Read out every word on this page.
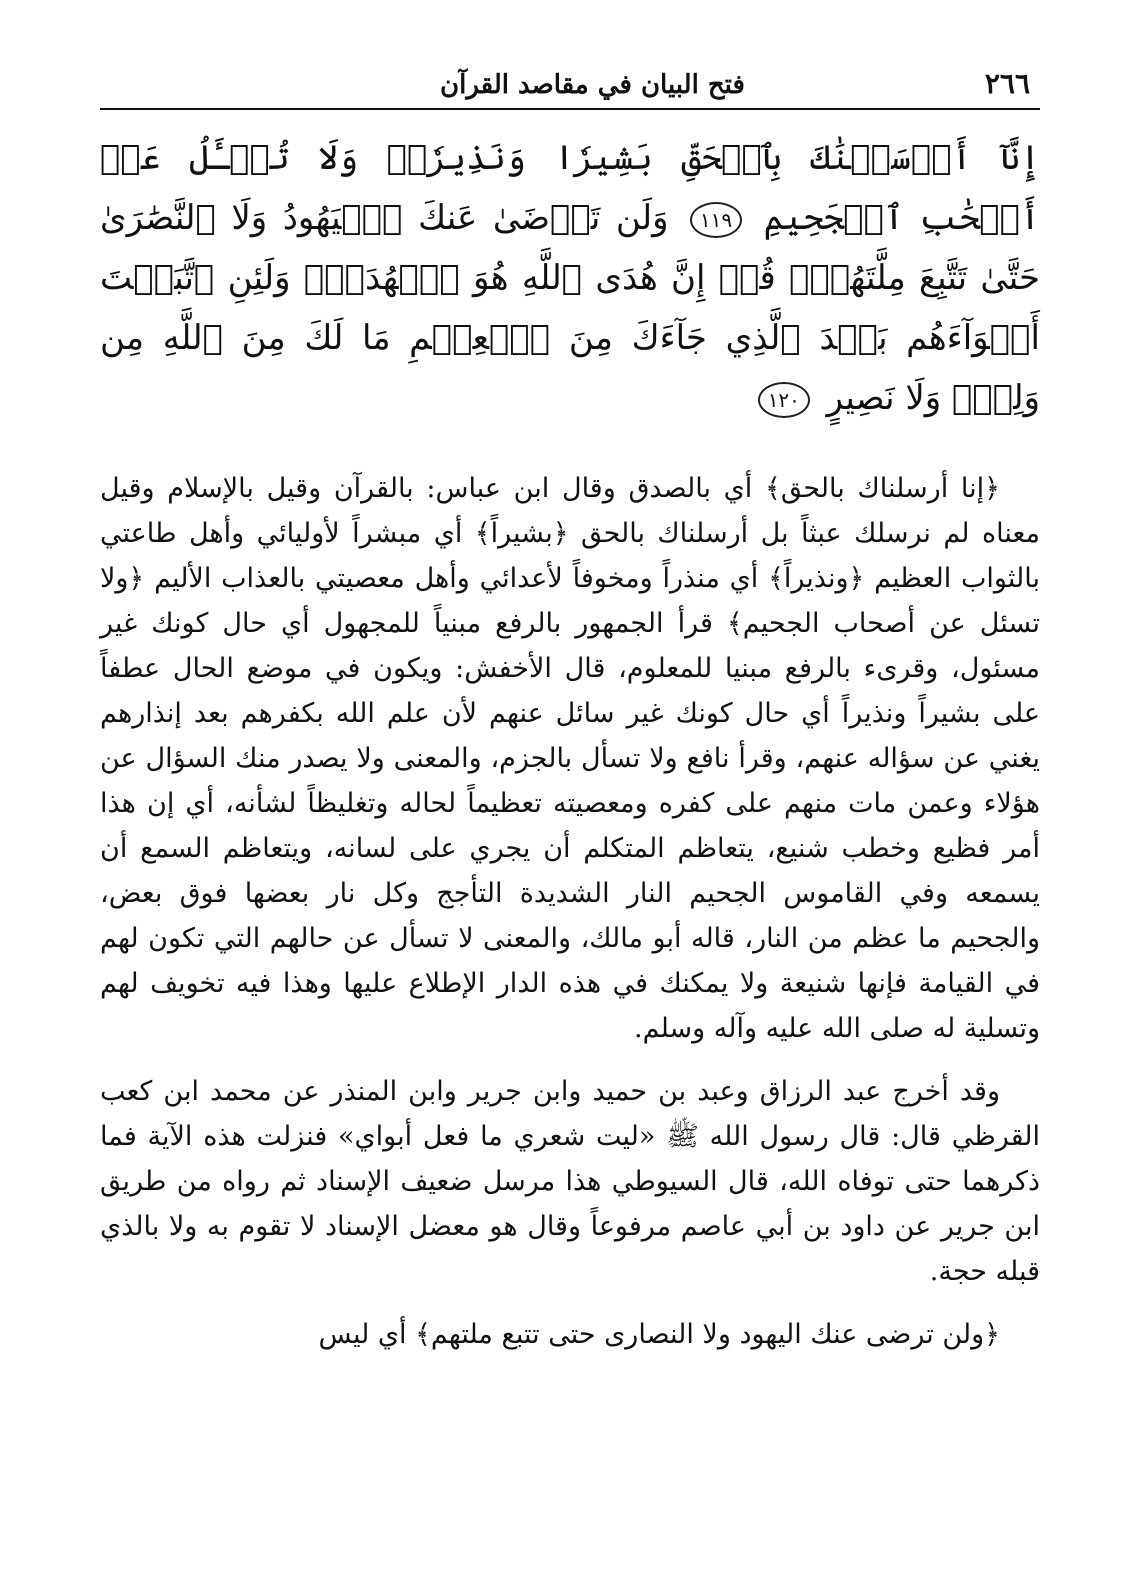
٢٦٦
فتح البيان في مقاصد القرآن
إِنَّآ أَرۡسَلۡنَٰكَ بِٱلۡحَقِّ بَشِيرٗا وَنَذِيرٗاۖ وَلَا تُسۡـَٔلُ عَنۡ أَصۡحَٰبِ ٱلۡجَحِيمِ ١١٩ وَلَن تَرۡضَىٰ عَنكَ ٱلۡيَهُودُ وَلَا ٱلنَّصَٰرَىٰ حَتَّىٰ تَتَّبِعَ مِلَّتَهُمۡۗ قُلۡ إِنَّ هُدَى ٱللَّهِ هُوَ ٱلۡهُدَىٰۗ وَلَئِنِ ٱتَّبَعۡتَ أَهۡوَآءَهُم بَعۡدَ ٱلَّذِي جَآءَكَ مِنَ ٱلۡعِلۡمِ مَا لَكَ مِنَ ٱللَّهِ مِن وَلِيّٖ وَلَا نَصِيرٍ ١٢٠

﴿إنا أرسلناك بالحق﴾ أي بالصدق وقال ابن عباس: بالقرآن وقيل بالإسلام وقيل معناه لم نرسلك عبثاً بل أرسلناك بالحق ﴿بشيراً﴾ أي مبشراً لأوليائي وأهل طاعتي بالثواب العظيم ﴿ونذيراً﴾ أي منذراً ومخوفاً لأعدائي وأهل معصيتي بالعذاب الأليم ﴿ولا تسئل عن أصحاب الجحيم﴾ قرأ الجمهور بالرفع مبنياً للمجهول أي حال كونك غير مسئول، وقرىء بالرفع مبنيا للمعلوم، قال الأخفش: ويكون في موضع الحال عطفاً على بشيراً ونذيراً أي حال كونك غير سائل عنهم لأن علم الله بكفرهم بعد إنذارهم يغني عن سؤاله عنهم، وقرأ نافع ولا تسأل بالجزم، والمعنى ولا يصدر منك السؤال عن هؤلاء وعمن مات منهم على كفره ومعصيته تعظيماً لحاله وتغليظاً لشأنه، أي إن هذا أمر فظيع وخطب شنيع، يتعاظم المتكلم أن يجري على لسانه، ويتعاظم السمع أن يسمعه وفي القاموس الجحيم النار الشديدة التأجج وكل نار بعضها فوق بعض، والجحيم ما عظم من النار، قاله أبو مالك، والمعنى لا تسأل عن حالهم التي تكون لهم في القيامة فإنها شنيعة ولا يمكنك في هذه الدار الإطلاع عليها وهذا فيه تخويف لهم وتسلية له صلى الله عليه وآله وسلم.

وقد أخرج عبد الرزاق وعبد بن حميد وابن جرير وابن المنذر عن محمد ابن كعب القرظي قال: قال رسول الله ﷺ «ليت شعري ما فعل أبواي» فنزلت هذه الآية فما ذكرهما حتى توفاه الله، قال السيوطي هذا مرسل ضعيف الإسناد ثم رواه من طريق ابن جرير عن داود بن أبي عاصم مرفوعاً وقال هو معضل الإسناد لا تقوم به ولا بالذي قبله حجة.

﴿ولن ترضى عنك اليهود ولا النصارى حتى تتبع ملتهم﴾ أي ليس
